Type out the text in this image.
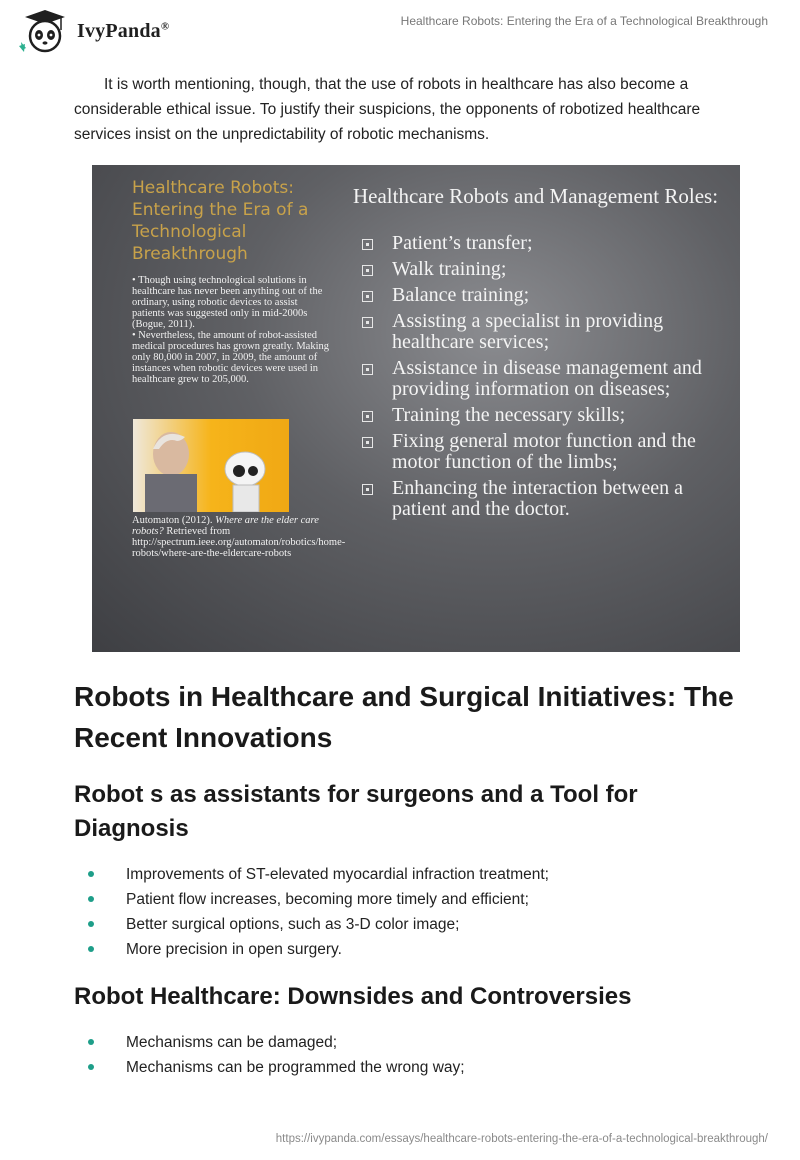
IvyPanda®	Healthcare Robots: Entering the Era of a Technological Breakthrough

It is worth mentioning, though, that the use of robots in healthcare has also become a considerable ethical issue. To justify their suspicions, the opponents of robotized healthcare services insist on the unpredictability of robotic mechanisms.

Healthcare Robots: Entering the Era of a Technological Breakthrough

• Though using technological solutions in healthcare has never been anything out of the ordinary, using robotic devices to assist patients was suggested only in mid-2000s (Bogue, 2011).

• Nevertheless, the amount of robot-assisted medical procedures has grown greatly. Making only 80,000 in 2007, in 2009, the amount of instances when robotic devices were used in healthcare grew to 205,000.

Automaton (2012). Where are the elder care robots? Retrieved from http://spectrum.ieee.org/automaton/robotics/home-robots/where-are-the-eldercare-robots
Healthcare Robots and Management Roles:
Patient’s transfer;
Walk training;
Balance training;
Assisting a specialist in providing healthcare services;
Assistance in disease management and providing information on diseases;
Training the necessary skills;
Fixing general motor function and the motor function of the limbs;
Enhancing the interaction between a patient and the doctor.
Robots in Healthcare and Surgical Initiatives: The Recent Innovations
Robot s as assistants for surgeons and a Tool for Diagnosis
Improvements of ST-elevated myocardial infraction treatment;
Patient flow increases, becoming more timely and efficient;
Better surgical options, such as 3-D color image;
More precision in open surgery.
Robot Healthcare: Downsides and Controversies
Mechanisms can be damaged;
Mechanisms can be programmed the wrong way;
https://ivypanda.com/essays/healthcare-robots-entering-the-era-of-a-technological-breakthrough/
